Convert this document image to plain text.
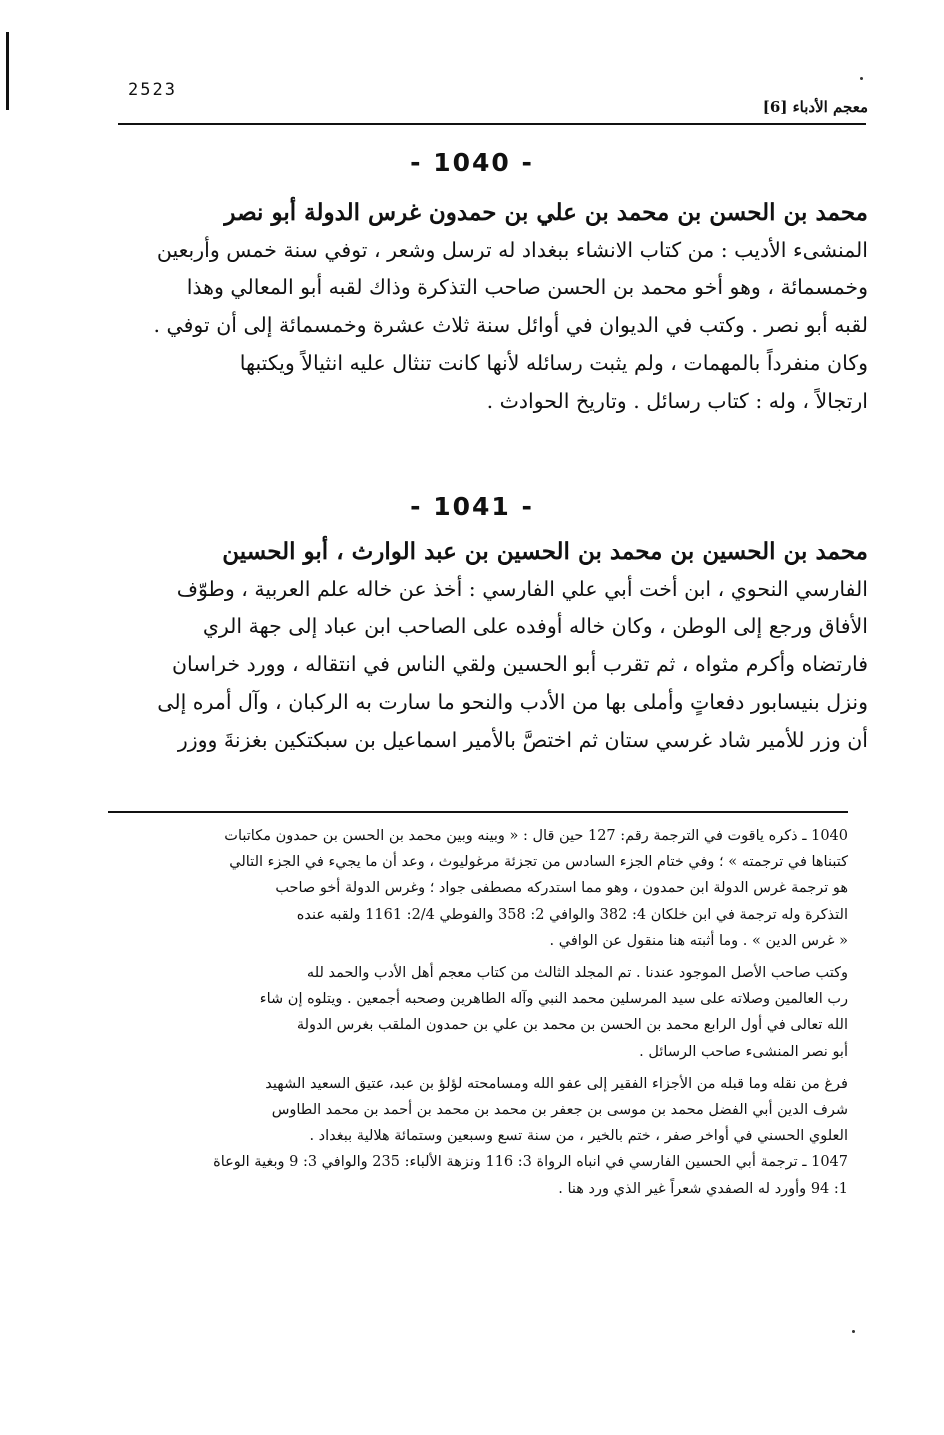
2523
معجم الأدباء [6]
- 1040 -

محمد بن الحسن بن محمد بن علي بن حمدون غرس الدولة أبو نصر

المنشىء الأديب : من كتاب الانشاء ببغداد له ترسل وشعر ، توفي سنة خمس وأربعين

وخمسمائة ، وهو أخو محمد بن الحسن صاحب التذكرة وذاك لقبه أبو المعالي وهذا

لقبه أبو نصر . وكتب في الديوان في أوائل سنة ثلاث عشرة وخمسمائة إلى أن توفي .

وكان منفرداً بالمهمات ، ولم يثبت رسائله لأنها كانت تنثال عليه انثيالاً ويكتبها

ارتجالاً ، وله : كتاب رسائل . وتاريخ الحوادث .

- 1041 -

محمد بن الحسين بن محمد بن الحسين بن عبد الوارث ، أبو الحسين

الفارسي النحوي ، ابن أخت أبي علي الفارسي : أخذ عن خاله علم العربية ، وطوّف

الأفاق ورجع إلى الوطن ، وكان خاله أوفده على الصاحب ابن عباد إلى جهة الري

فارتضاه وأكرم مثواه ، ثم تقرب أبو الحسين ولقي الناس في انتقاله ، وورد خراسان

ونزل بنيسابور دفعاتٍ وأملى بها من الأدب والنحو ما سارت به الركبان ، وآل أمره إلى

أن وزر للأمير شاد غرسي ستان ثم اختصَّ بالأمير اسماعيل بن سبكتكين بغزنةَ ووزر

1040 ـ ذكره ياقوت في الترجمة رقم: 127 حين قال : « وبينه وبين محمد بن الحسن بن حمدون مكاتبات

كتبناها في ترجمته » ؛ وفي ختام الجزء السادس من تجزئة مرغوليوث ، وعد أن ما يجيء في الجزء التالي

هو ترجمة غرس الدولة ابن حمدون ، وهو مما استدركه مصطفى جواد ؛ وغرس الدولة أخو صاحب

التذكرة وله ترجمة في ابن خلكان 4: 382 والوافي 2: 358 والفوطي 2/4: 1161 ولقبه عنده

« غرس الدين » . وما أثبته هنا منقول عن الوافي .

وكتب صاحب الأصل الموجود عندنا . تم المجلد الثالث من كتاب معجم أهل الأدب والحمد لله

رب العالمين وصلاته على سيد المرسلين محمد النبي وآله الطاهرين وصحبه أجمعين . ويتلوه إن شاء

الله تعالى في أول الرابع محمد بن الحسن بن محمد بن علي بن حمدون الملقب بغرس الدولة

أبو نصر المنشىء صاحب الرسائل .

فرغ من نقله وما قبله من الأجزاء الفقير إلى عفو الله ومسامحته لؤلؤ بن عبد، عتيق السعيد الشهيد

شرف الدين أبي الفضل محمد بن موسى بن جعفر بن محمد بن محمد بن أحمد بن محمد الطاوس

العلوي الحسني في أواخر صفر ، ختم بالخير ، من سنة تسع وسبعين وستمائة هلالية ببغداد .

1047 ـ ترجمة أبي الحسين الفارسي في انباه الرواة 3: 116 ونزهة الألباء: 235 والوافي 3: 9 وبغية الوعاة

1: 94 وأورد له الصفدي شعراً غير الذي ورد هنا .
